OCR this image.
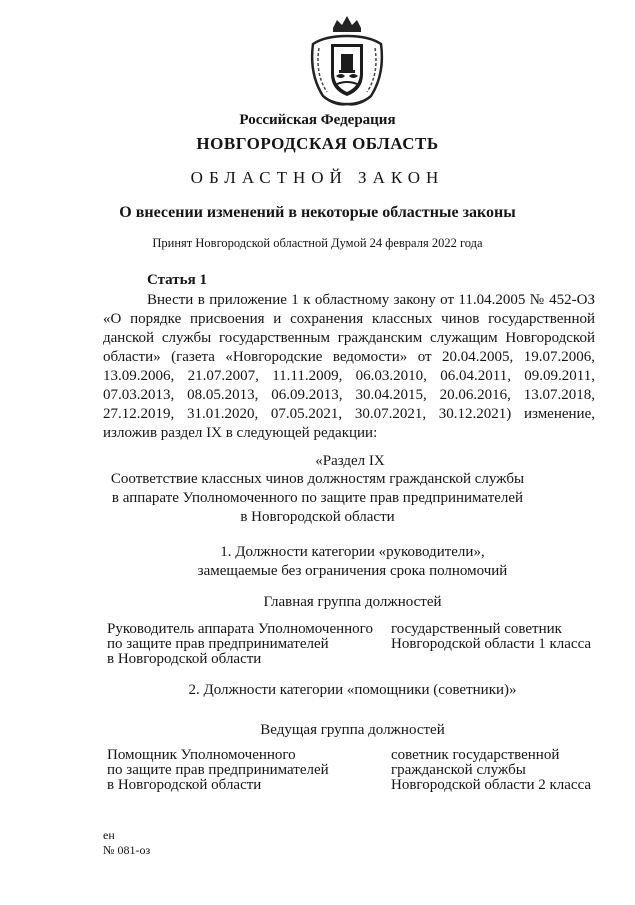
Российская Федерация
НОВГОРОДСКАЯ ОБЛАСТЬ
ОБЛАСТНОЙ ЗАКОН
О внесении изменений в некоторые областные законы
Принят Новгородской областной Думой 24 февраля 2022 года
Статья 1
Внести в приложение 1 к областному закону от 11.04.2005 № 452-ОЗ
«О порядке присвоения и сохранения классных чинов государственной
данской службы государственным гражданским служащим Новгородской
области» (газета «Новгородские ведомости» от 20.04.2005, 19.07.2006,
13.09.2006, 21.07.2007, 11.11.2009, 06.03.2010, 06.04.2011, 09.09.2011,
07.03.2013, 08.05.2013, 06.09.2013, 30.04.2015, 20.06.2016, 13.07.2018,
27.12.2019, 31.01.2020, 07.05.2021, 30.07.2021, 30.12.2021) изменение,
изложив раздел IX в следующей редакции:
«Раздел IX
Соответствие классных чинов должностям гражданской службы
в аппарате Уполномоченного по защите прав предпринимателей
в Новгородской области
1. Должности категории «руководители»,
замещаемые без ограничения срока полномочий
Главная группа должностей
Руководитель аппарата Уполномоченного
по защите прав предпринимателей
в Новгородской области
государственный советник
Новгородской области 1 класса
2. Должности категории «помощники (советники)»
Ведущая группа должностей
Помощник Уполномоченного
по защите прав предпринимателей
в Новгородской области
советник государственной
гражданской службы
Новгородской области 2 класса
ен
№ 081-оз
